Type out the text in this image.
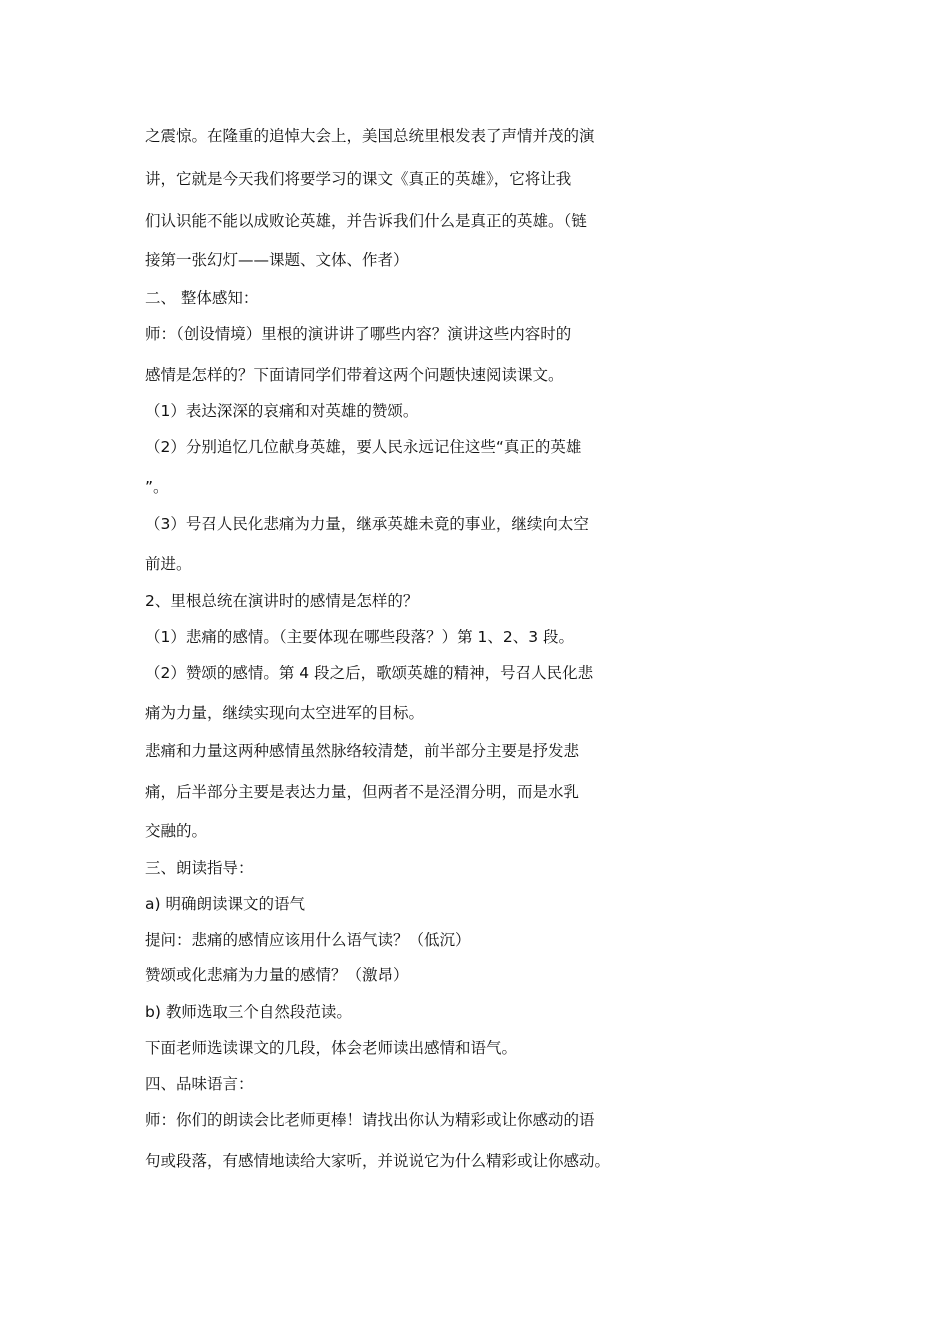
之震惊。在隆重的追悼大会上，美国总统里根发表了声情并茂的演
讲，它就是今天我们将要学习的课文《真正的英雄》，它将让我
们认识能不能以成败论英雄，并告诉我们什么是真正的英雄。（链
接第一张幻灯——课题、文体、作者）
二、 整体感知：
师：（创设情境）里根的演讲讲了哪些内容？演讲这些内容时的
感情是怎样的？下面请同学们带着这两个问题快速阅读课文。
（1）表达深深的哀痛和对英雄的赞颂。
（2）分别追忆几位献身英雄，要人民永远记住这些“真正的英雄
”。
（3）号召人民化悲痛为力量，继承英雄未竟的事业，继续向太空
前进。
2、里根总统在演讲时的感情是怎样的？
（1）悲痛的感情。（主要体现在哪些段落？）第 1、2、3 段。
（2）赞颂的感情。第 4 段之后，歌颂英雄的精神，号召人民化悲
痛为力量，继续实现向太空进军的目标。
悲痛和力量这两种感情虽然脉络较清楚，前半部分主要是抒发悲
痛，后半部分主要是表达力量，但两者不是泾渭分明，而是水乳
交融的。
三、朗读指导：
a) 明确朗读课文的语气
提问：悲痛的感情应该用什么语气读？（低沉）
赞颂或化悲痛为力量的感情？（激昂）
b) 教师选取三个自然段范读。
下面老师选读课文的几段，体会老师读出感情和语气。
四、品味语言：
师：你们的朗读会比老师更棒！请找出你认为精彩或让你感动的语
句或段落，有感情地读给大家听，并说说它为什么精彩或让你感动。
